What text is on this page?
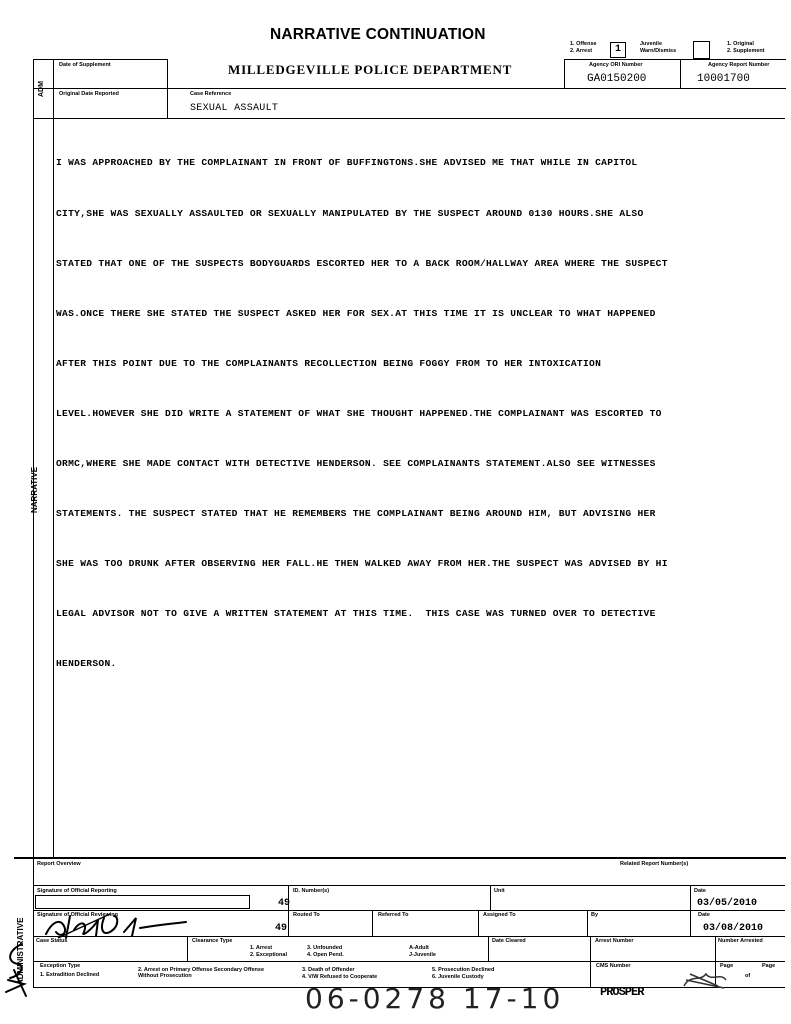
NARRATIVE CONTINUATION
MILLEDGEVILLE POLICE DEPARTMENT
1. Offense
2. Arrest 1	Juvenile
Warn/Dismiss
1. Original
2. Supplement
Agency ORI Number
GA0150200
Agency Report Number
10001700
Date of Supplement
Original Date Reported	Case Reference
SEXUAL ASSAULT
ADM
NARRATIVE

I WAS APPROACHED BY THE COMPLAINANT IN FRONT OF BUFFINGTONS.SHE ADVISED ME THAT WHILE IN CAPITOL

CITY,SHE WAS SEXUALLY ASSAULTED OR SEXUALLY MANIPULATED BY THE SUSPECT AROUND 0130 HOURS.SHE ALSO

STATED THAT ONE OF THE SUSPECTS BODYGUARDS ESCORTED HER TO A BACK ROOM/HALLWAY AREA WHERE THE SUSPECT

WAS.ONCE THERE SHE STATED THE SUSPECT ASKED HER FOR SEX.AT THIS TIME IT IS UNCLEAR TO WHAT HAPPENED

AFTER THIS POINT DUE TO THE COMPLAINANTS RECOLLECTION BEING FOGGY FROM TO HER INTOXICATION

LEVEL.HOWEVER SHE DID WRITE A STATEMENT OF WHAT SHE THOUGHT HAPPENED.THE COMPLAINANT WAS ESCORTED TO

ORMC,WHERE SHE MADE CONTACT WITH DETECTIVE HENDERSON. SEE COMPLAINANTS STATEMENT.ALSO SEE WITNESSES

STATEMENTS. THE SUSPECT STATED THAT HE REMEMBERS THE COMPLAINANT BEING AROUND HIM, BUT ADVISING HER

SHE WAS TOO DRUNK AFTER OBSERVING HER FALL.HE THEN WALKED AWAY FROM HER.THE SUSPECT WAS ADVISED BY HI

LEGAL ADVISOR NOT TO GIVE A WRITTEN STATEMENT AT THIS TIME.  THIS CASE WAS TURNED OVER TO DETECTIVE

HENDERSON.

ADMINISTRATIVE
Report Overview	Related Report Number(s)
Signature of Official Reporting	ID. Number(s)
49
Unit	Date
03/05/2010
Signature of Official Reviewing	Routed To
49
Referred To	Assigned To	By	Date
03/08/2010
Case Status	Clearance Type
1. Arrest
2. Exceptional
3. Unfounded
4. Open Pend.
A-Adult
J-Juvenile
Date Cleared	Arrest Number	Number Arrested
Exception Type
1. Extradition Declined
2. Arrest on Primary Offense Secondary Offense Without Prosecution
3. Death of Offender
4. V/W Refused to Cooperate
5. Prosecution Declined
6. Juvenile Custody
CMS Number	Page
of
Page
06-0278 17-10	PROSPER
